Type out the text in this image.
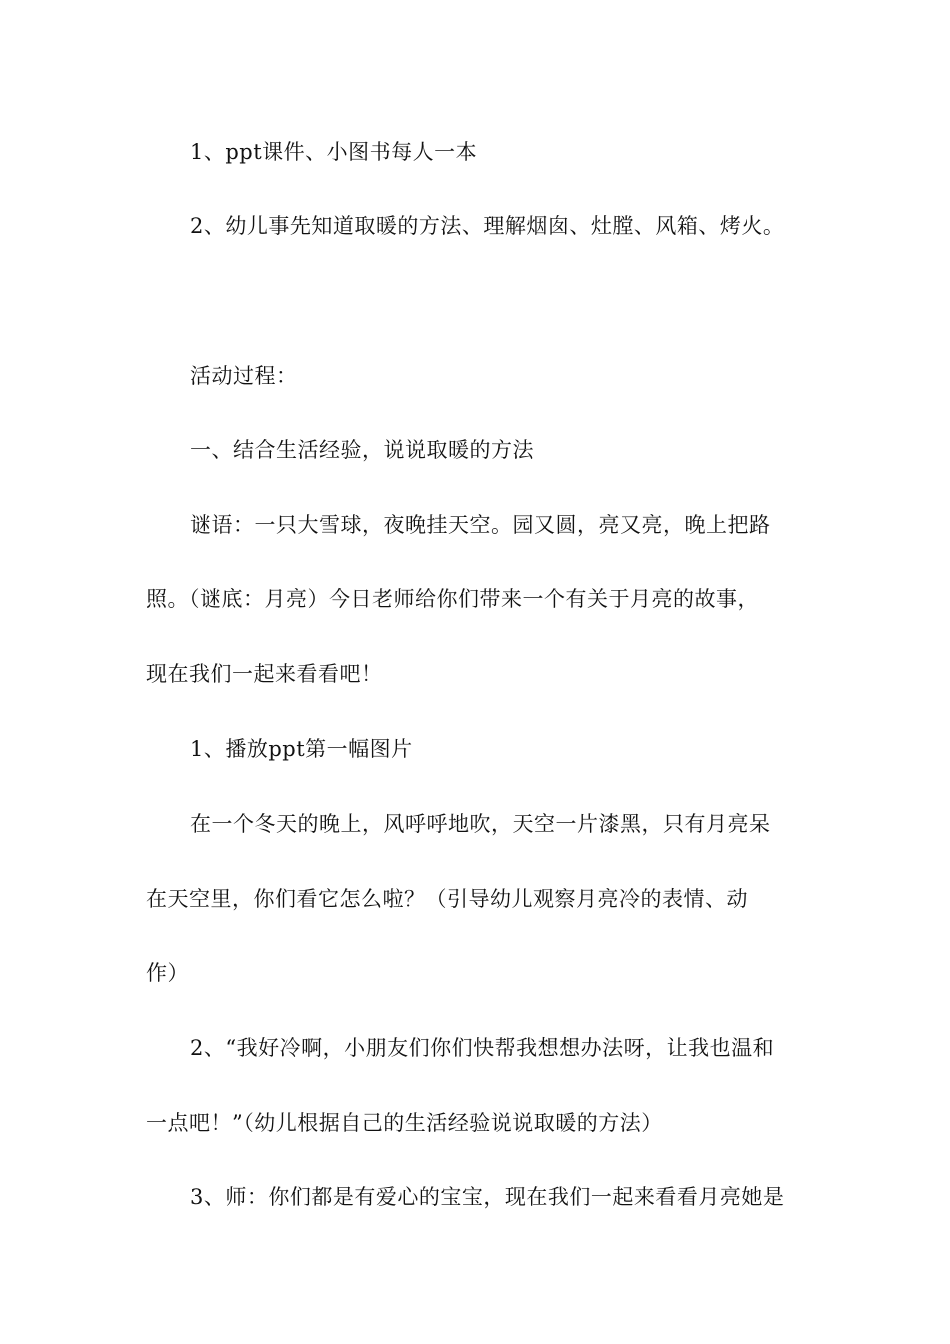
1、ppt课件、小图书每人一本
2、幼儿事先知道取暖的方法、理解烟囱、灶膛、风箱、烤火。
活动过程：
一、结合生活经验，说说取暖的方法
谜语：一只大雪球，夜晚挂天空。园又圆，亮又亮，晚上把路
照。（谜底：月亮）今日老师给你们带来一个有关于月亮的故事，
现在我们一起来看看吧！
1、播放ppt第一幅图片
在一个冬天的晚上，风呼呼地吹，天空一片漆黑，只有月亮呆
在天空里，你们看它怎么啦？（引导幼儿观察月亮冷的表情、动
作）
2、“我好冷啊，小朋友们你们快帮我想想办法呀，让我也温和
一点吧！”（幼儿根据自己的生活经验说说取暖的方法）
3、师：你们都是有爱心的宝宝，现在我们一起来看看月亮她是
